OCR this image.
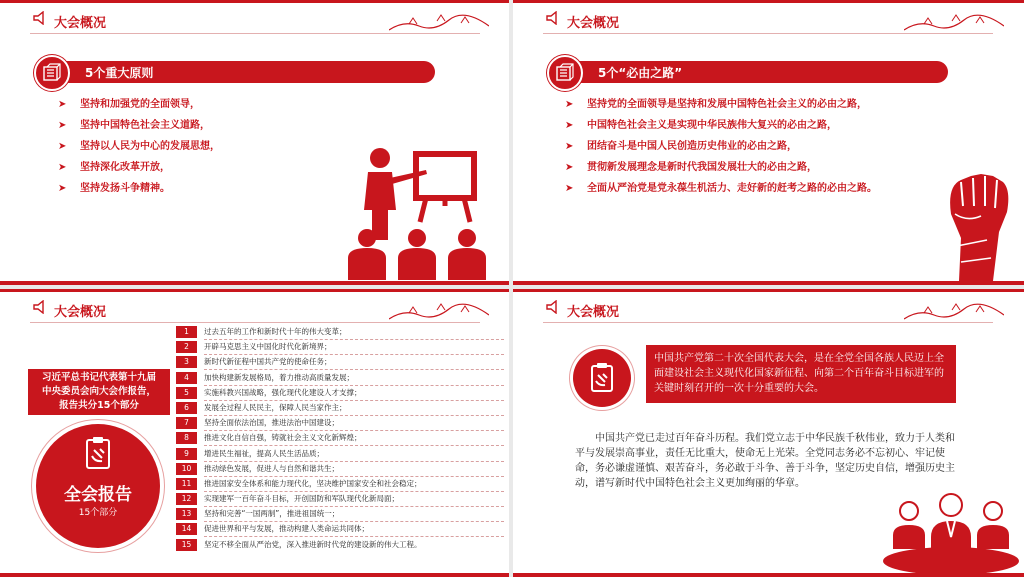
大会概况
5个重大原则
➤ 坚持和加强党的全面领导，
➤ 坚持中国特色社会主义道路，
➤ 坚持以人民为中心的发展思想，
➤ 坚持深化改革开放，
➤ 坚持发扬斗争精神。
大会概况
5个“必由之路”
➤ 坚持党的全面领导是坚持和发展中国特色社会主义的必由之路，
➤ 中国特色社会主义是实现中华民族伟大复兴的必由之路，
➤ 团结奋斗是中国人民创造历史伟业的必由之路，
➤ 贯彻新发展理念是新时代我国发展壮大的必由之路，
➤ 全面从严治党是党永葆生机活力、走好新的赶考之路的必由之路。
大会概况
习近平总书记代表第十九届
中央委员会向大会作报告，
报告共分15个部分
全会报告
15个部分
1	过去五年的工作和新时代十年的伟大变革；
2	开辟马克思主义中国化时代化新境界；
3	新时代新征程中国共产党的使命任务；
4	加快构建新发展格局，着力推动高质量发展；
5	实施科教兴国战略，强化现代化建设人才支撑；
6	发展全过程人民民主，保障人民当家作主；
7	坚持全面依法治国，推进法治中国建设；
8	推进文化自信自强，铸就社会主义文化新辉煌；
9	增进民生福祉，提高人民生活品质；
10	推动绿色发展，促进人与自然和谐共生；
11	推进国家安全体系和能力现代化，坚决维护国家安全和社会稳定；
12	实现建军一百年奋斗目标，开创国防和军队现代化新局面；
13	坚持和完善“一国两制”，推进祖国统一；
14	促进世界和平与发展，推动构建人类命运共同体；
15	坚定不移全面从严治党，深入推进新时代党的建设新的伟大工程。
大会概况
中国共产党第二十次全国代表大会，是在全党全国各族人民迈上全面建设社会主义现代化国家新征程、向第二个百年奋斗目标进军的关键时刻召开的一次十分重要的大会。
中国共产党已走过百年奋斗历程。我们党立志于中华民族千秋伟业，致力于人类和平与发展崇高事业，责任无比重大，使命无上光荣。全党同志务必不忘初心、牢记使命，务必谦虚谨慎、艰苦奋斗，务必敢于斗争、善于斗争，坚定历史自信，增强历史主动，谱写新时代中国特色社会主义更加绚丽的华章。
